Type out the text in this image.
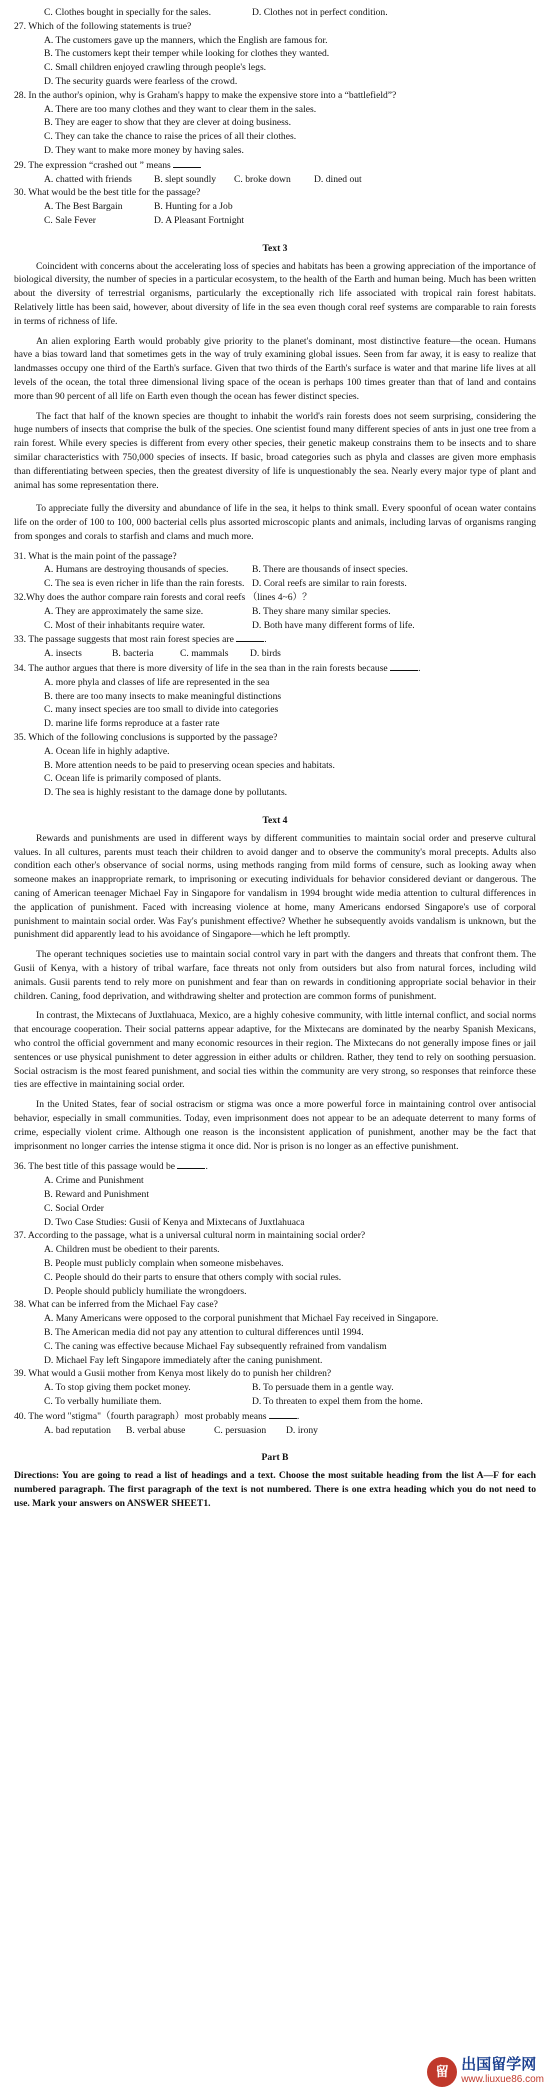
C. Clothes bought in specially for the sales.	D. Clothes not in perfect condition.

27. Which of the following statements is true?

A. The customers gave up the manners, which the English are famous for.

B. The customers kept their temper while looking for clothes they wanted.

C. Small children enjoyed crawling through people's legs.

D. The security guards were fearless of the crowd.

28. In the author's opinion, why is Graham's happy to make the expensive store into a “battlefield”?

A. There are too many clothes and they want to clear them in the sales.

B. They are eager to show that they are clever at doing business.

C. They can take the chance to raise the prices of all their clothes.

D. They want to make more money by having sales.

29. The expression “crashed out ” means

A. chatted with friends	B. slept soundly	C. broke down	D. dined out

30. What would be the best title for the passage?

A. The Best Bargain	B. Hunting for a Job
C. Sale Fever	D. A Pleasant Fortnight
Text 3

Coincident with concerns about the accelerating loss of species and habitats has been a growing appreciation of the importance of biological diversity, the number of species in a particular ecosystem, to the health of the Earth and human being. Much has been written about the diversity of terrestrial organisms, particularly the exceptionally rich life associated with tropical rain forest habitats. Relatively little has been said, however, about diversity of life in the sea even though coral reef systems are comparable to rain forests in terms of richness of life.

An alien exploring Earth would probably give priority to the planet's dominant, most distinctive feature—the ocean. Humans have a bias toward land that sometimes gets in the way of truly examining global issues. Seen from far away, it is easy to realize that landmasses occupy one third of the Earth's surface. Given that two thirds of the Earth's surface is water and that marine life lives at all levels of the ocean, the total three dimensional living space of the ocean is perhaps 100 times greater than that of land and contains more than 90 percent of all life on Earth even though the ocean has fewer distinct species.

The fact that half of the known species are thought to inhabit the world's rain forests does not seem surprising, considering the huge numbers of insects that comprise the bulk of the species. One scientist found many different species of ants in just one tree from a rain forest. While every species is different from every other species, their genetic makeup constrains them to be insects and to share similar characteristics with 750,000 species of insects. If basic, broad categories such as phyla and classes are given more emphasis than differentiating between species, then the greatest diversity of life is unquestionably the sea. Nearly every major type of plant and animal has some representation there.

To appreciate fully the diversity and abundance of life in the sea, it helps to think small. Every spoonful of ocean water contains life on the order of 100 to 100, 000 bacterial cells plus assorted microscopic plants and animals, including larvas of organisms ranging from sponges and corals to starfish and clams and much more.

31. What is the main point of the passage?

A. Humans are destroying thousands of species.	B. There are thousands of insect species.
C. The sea is even richer in life than the rain forests. D. Coral reefs are similar to rain forests.

32.Why does the author compare rain forests and coral reefs （lines 4~6）？

A. They are approximately the same size.	B. They share many similar species.
C. Most of their inhabitants require water.	D. Both have many different forms of life.

33. The passage suggests that most rain forest species are	.

A. insects	B. bacteria	C. mammals	D. birds

34. The author argues that there is more diversity of life in the sea than in the rain forests because	.

A. more phyla and classes of life are represented in the sea

B. there are too many insects to make meaningful distinctions

C. many insect species are too small to divide into categories

D. marine life forms reproduce at a faster rate

35. Which of the following conclusions is supported by the passage?

A. Ocean life in highly adaptive.

B. More attention needs to be paid to preserving ocean species and habitats.

C. Ocean life is primarily composed of plants.

D. The sea is highly resistant to the damage done by pollutants.

Text 4

Rewards and punishments are used in different ways by different communities to maintain social order and preserve cultural values. In all cultures, parents must teach their children to avoid danger and to observe the community's moral precepts. Adults also condition each other's observance of social norms, using methods ranging from mild forms of censure, such as looking away when someone makes an inappropriate remark, to imprisoning or executing individuals for behavior considered deviant or dangerous. The caning of American teenager Michael Fay in Singapore for vandalism in 1994 brought wide media attention to cultural differences in the application of punishment. Faced with increasing violence at home, many Americans endorsed Singapore's use of corporal punishment to maintain social order. Was Fay's punishment effective? Whether he subsequently avoids vandalism is unknown, but the punishment did apparently lead to his avoidance of Singapore—which he left promptly.

The operant techniques societies use to maintain social control vary in part with the dangers and threats that confront them. The Gusii of Kenya, with a history of tribal warfare, face threats not only from outsiders but also from natural forces, including wild animals. Gusii parents tend to rely more on punishment and fear than on rewards in conditioning appropriate social behavior in their children. Caning, food deprivation, and withdrawing shelter and protection are common forms of punishment.

In contrast, the Mixtecans of Juxtlahuaca, Mexico, are a highly cohesive community, with little internal conflict, and social norms that encourage cooperation. Their social patterns appear adaptive, for the Mixtecans are dominated by the nearby Spanish Mexicans, who control the official government and many economic resources in their region. The Mixtecans do not generally impose fines or jail sentences or use physical punishment to deter aggression in either adults or children. Rather, they tend to rely on soothing persuasion. Social ostracism is the most feared punishment, and social ties within the community are very strong, so responses that reinforce these ties are effective in maintaining social order.

In the United States, fear of social ostracism or stigma was once a more powerful force in maintaining control over antisocial behavior, especially in small communities. Today, even imprisonment does not appear to be an adequate deterrent to many forms of crime, especially violent crime. Although one reason is the inconsistent application of punishment, another may be the fact that imprisonment no longer carries the intense stigma it once did. Nor is prison is no longer as an effective punishment.

36. The best title of this passage would be	.

A. Crime and Punishment

B. Reward and Punishment

C. Social Order

D. Two Case Studies: Gusii of Kenya and Mixtecans of Juxtlahuaca

37. According to the passage, what is a universal cultural norm in maintaining social order?

A. Children must be obedient to their parents.

B. People must publicly complain when someone misbehaves.

C. People should do their parts to ensure that others comply with social rules.

D. People should publicly humiliate the wrongdoers.

38. What can be inferred from the Michael Fay case?

A. Many Americans were opposed to the corporal punishment that Michael Fay received in Singapore.

B. The American media did not pay any attention to cultural differences until 1994.

C. The caning was effective because Michael Fay subsequently refrained from vandalism

D. Michael Fay left Singapore immediately after the caning punishment.

39. What would a Gusii mother from Kenya most likely do to punish her children?

A. To stop giving them pocket money.	B. To persuade them in a gentle way.
C. To verbally humiliate them.	D. To threaten to expel them from the home.

40. The word "stigma"（fourth paragraph）most probably means	.

A. bad reputation	B. verbal abuse	C. persuasion	D. irony
Part B

Directions: You are going to read a list of headings and a text. Choose the most suitable heading from the list A—F for each numbered paragraph. The first paragraph of the text is not numbered. There is one extra heading which you do not need to use. Mark your answers on ANSWER SHEET1.

留 出国留学网
www.liuxue86.com
